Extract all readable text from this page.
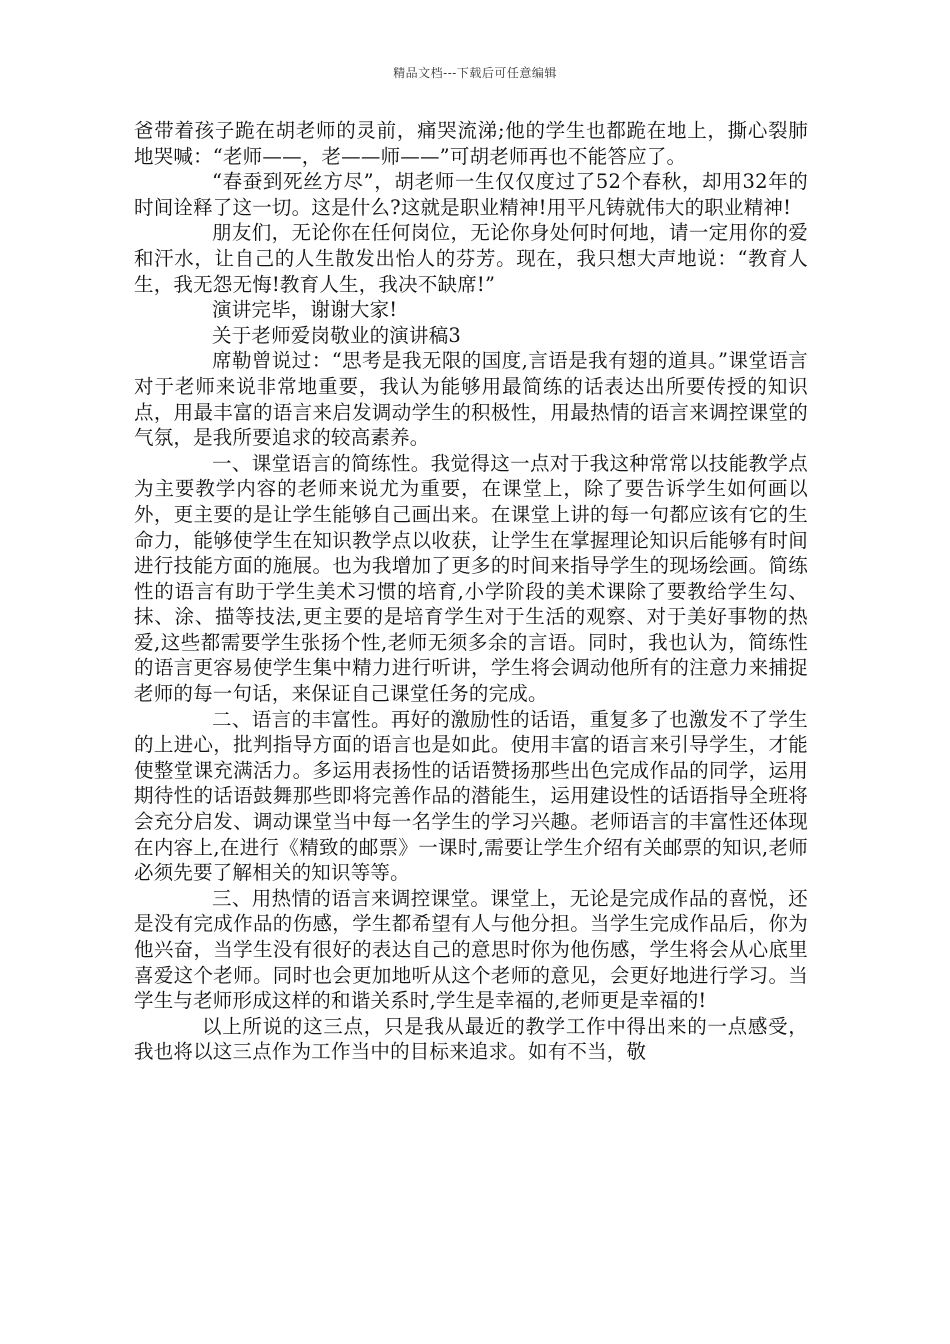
精品文档---下载后可任意编辑

爸带着孩子跪在胡老师的灵前，痛哭流涕;他的学生也都跪在地上，撕心裂肺地哭喊：“老师——，老——师——”可胡老师再也不能答应了。

“春蚕到死丝方尽”，胡老师一生仅仅度过了52个春秋，却用32年的时间诠释了这一切。这是什么?这就是职业精神!用平凡铸就伟大的职业精神!

朋友们，无论你在任何岗位，无论你身处何时何地，请一定用你的爱和汗水，让自己的人生散发出怡人的芬芳。现在，我只想大声地说：“教育人生，我无怨无悔!教育人生，我决不缺席!”

演讲完毕，谢谢大家!

关于老师爱岗敬业的演讲稿3

席勒曾说过：“思考是我无限的国度,言语是我有翅的道具。”课堂语言对于老师来说非常地重要，我认为能够用最简练的话表达出所要传授的知识点，用最丰富的语言来启发调动学生的积极性，用最热情的语言来调控课堂的气氛，是我所要追求的较高素养。

一、课堂语言的简练性。我觉得这一点对于我这种常常以技能教学点为主要教学内容的老师来说尤为重要，在课堂上，除了要告诉学生如何画以外，更主要的是让学生能够自己画出来。在课堂上讲的每一句都应该有它的生命力，能够使学生在知识教学点以收获，让学生在掌握理论知识后能够有时间进行技能方面的施展。也为我增加了更多的时间来指导学生的现场绘画。简练性的语言有助于学生美术习惯的培育,小学阶段的美术课除了要教给学生勾、抹、涂、描等技法,更主要的是培育学生对于生活的观察、对于美好事物的热爱,这些都需要学生张扬个性,老师无须多余的言语。同时，我也认为，简练性的语言更容易使学生集中精力进行听讲，学生将会调动他所有的注意力来捕捉老师的每一句话，来保证自己课堂任务的完成。

二、语言的丰富性。再好的激励性的话语，重复多了也激发不了学生的上进心，批判指导方面的语言也是如此。使用丰富的语言来引导学生，才能使整堂课充满活力。多运用表扬性的话语赞扬那些出色完成作品的同学，运用期待性的话语鼓舞那些即将完善作品的潜能生，运用建设性的话语指导全班将会充分启发、调动课堂当中每一名学生的学习兴趣。老师语言的丰富性还体现在内容上,在进行《精致的邮票》一课时,需要让学生介绍有关邮票的知识,老师必须先要了解相关的知识等等。

三、用热情的语言来调控课堂。课堂上，无论是完成作品的喜悦，还是没有完成作品的伤感，学生都希望有人与他分担。当学生完成作品后，你为他兴奋，当学生没有很好的表达自己的意思时你为他伤感，学生将会从心底里喜爱这个老师。同时也会更加地听从这个老师的意见，会更好地进行学习。当学生与老师形成这样的和谐关系时,学生是幸福的,老师更是幸福的!

以上所说的这三点，只是我从最近的教学工作中得出来的一点感受，我也将以这三点作为工作当中的目标来追求。如有不当，敬
